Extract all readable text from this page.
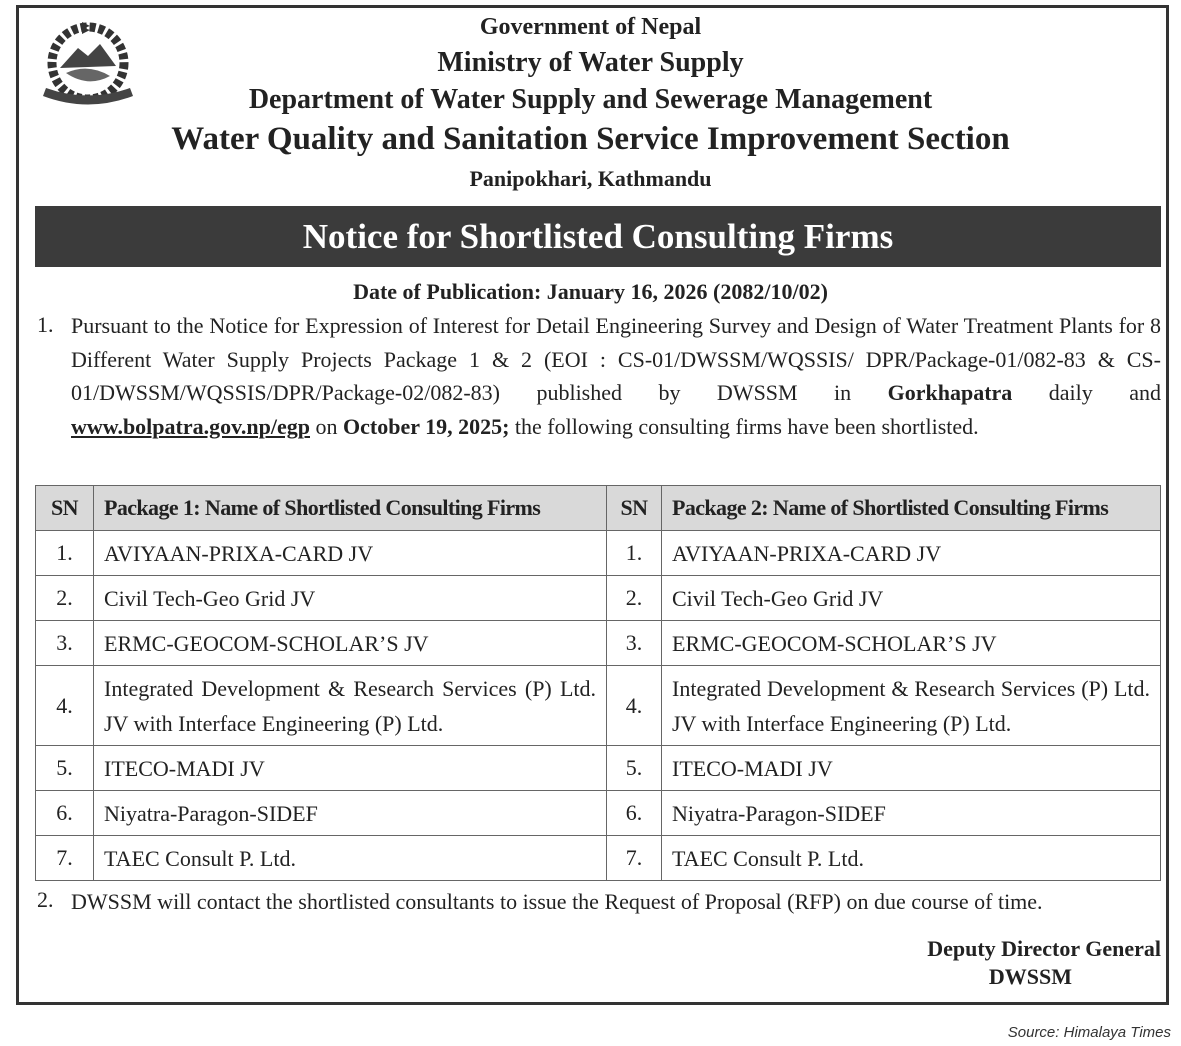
Government of Nepal
Ministry of Water Supply
Department of Water Supply and Sewerage Management
Water Quality and Sanitation Service Improvement Section
Panipokhari, Kathmandu
Notice for Shortlisted Consulting Firms
Date of Publication: January 16, 2026 (2082/10/02)
1. Pursuant to the Notice for Expression of Interest for Detail Engineering Survey and Design of Water Treatment Plants for 8 Different Water Supply Projects Package 1 & 2 (EOI : CS-01/DWSSM/WQSSIS/ DPR/Package-01/082-83 & CS-01/DWSSM/WQSSIS/DPR/Package-02/082-83) published by DWSSM in Gorkhapatra daily and www.bolpatra.gov.np/egp on October 19, 2025; the following consulting firms have been shortlisted.
SN	Package 1: Name of Shortlisted Consulting Firms	SN	Package 2: Name of Shortlisted Consulting Firms
1.	AVIYAAN-PRIXA-CARD JV	1.	AVIYAAN-PRIXA-CARD JV
2.	Civil Tech-Geo Grid JV	2.	Civil Tech-Geo Grid JV
3.	ERMC-GEOCOM-SCHOLAR’S JV	3.	ERMC-GEOCOM-SCHOLAR’S JV
4.	Integrated Development & Research Services (P) Ltd. JV with Interface Engineering (P) Ltd.	4.	Integrated Development & Research Services (P) Ltd. JV with Interface Engineering (P) Ltd.
5.	ITECO-MADI JV	5.	ITECO-MADI JV
6.	Niyatra-Paragon-SIDEF	6.	Niyatra-Paragon-SIDEF
7.	TAEC Consult P. Ltd.	7.	TAEC Consult P. Ltd.
2. DWSSM will contact the shortlisted consultants to issue the Request of Proposal (RFP) on due course of time.
Deputy Director General
DWSSM
Source: Himalaya Times
